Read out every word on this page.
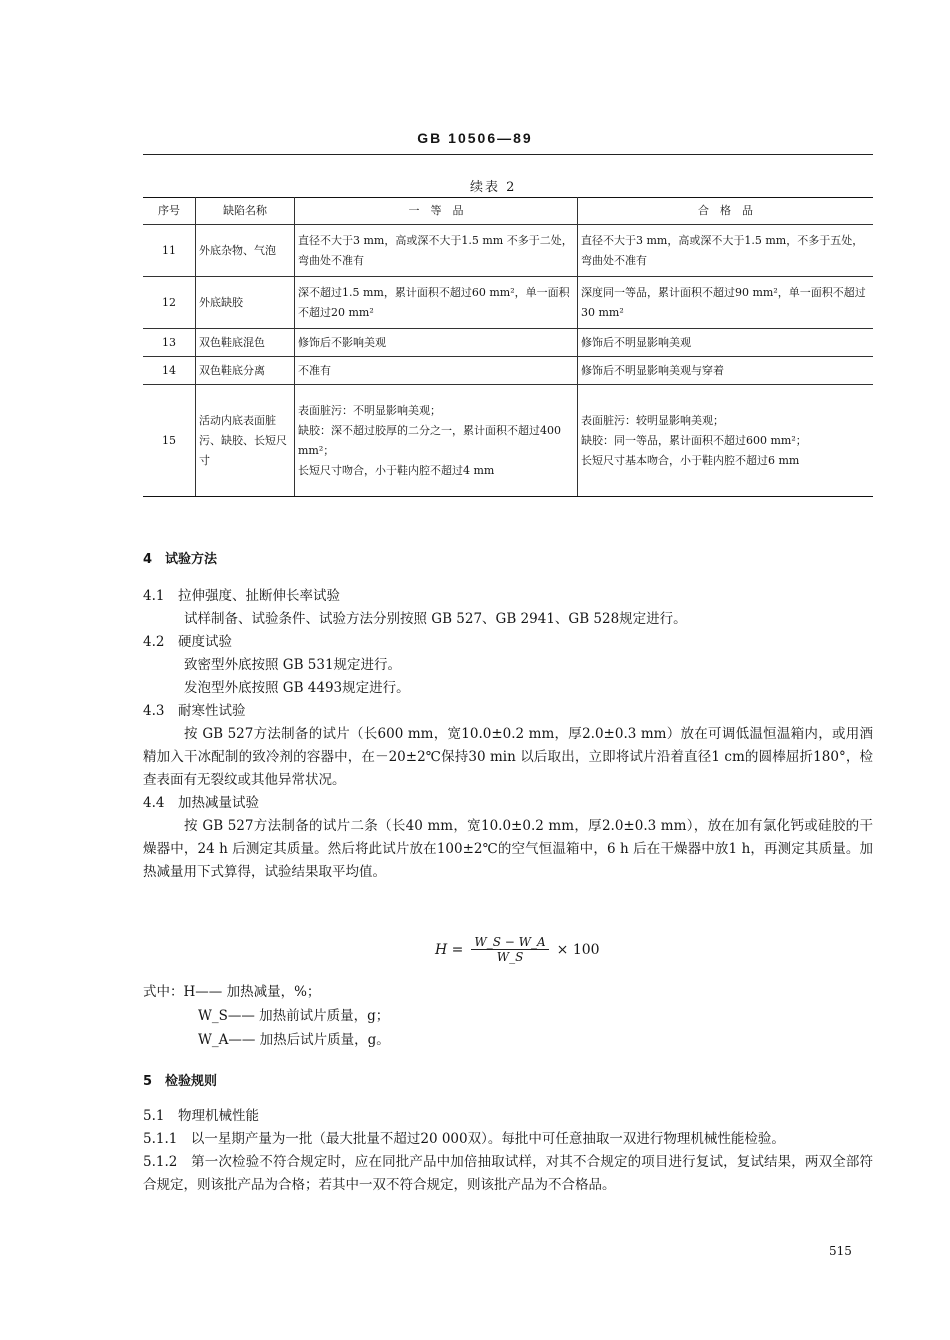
GB 10506—89
续表 2
序号	缺陷名称	一　等　品	合　格　品
11	外底杂物、气泡	直径不大于3 mm，高或深不大于1.5 mm 不多于二处，弯曲处不准有	直径不大于3 mm，高或深不大于1.5 mm，不多于五处，弯曲处不准有
12	外底缺胶	深不超过1.5 mm，累计面积不超过60 mm²，单一面积不超过20 mm²	深度同一等品，累计面积不超过90 mm²，单一面积不超过30 mm²
13	双色鞋底混色	修饰后不影响美观	修饰后不明显影响美观
14	双色鞋底分离	不准有	修饰后不明显影响美观与穿着
15	活动内底表面脏污、缺胶、长短尺寸	表面脏污：不明显影响美观；
缺胶：深不超过胶厚的二分之一，累计面积不超过400 mm²；
长短尺寸吻合，小于鞋内腔不超过4 mm	表面脏污：较明显影响美观；
缺胶：同一等品，累计面积不超过600 mm²；
长短尺寸基本吻合，小于鞋内腔不超过6 mm

4　试验方法

4.1　拉伸强度、扯断伸长率试验

试样制备、试验条件、试验方法分别按照 GB 527、GB 2941、GB 528规定进行。

4.2　硬度试验

致密型外底按照 GB 531规定进行。

发泡型外底按照 GB 4493规定进行。

4.3　耐寒性试验

按 GB 527方法制备的试片（长600 mm，宽10.0±0.2 mm，厚2.0±0.3 mm）放在可调低温恒温箱内，或用酒精加入干冰配制的致冷剂的容器中，在－20±2℃保持30 min 以后取出，立即将试片沿着直径1 cm的圆棒屈折180°，检查表面有无裂纹或其他异常状况。

4.4　加热减量试验

按 GB 527方法制备的试片二条（长40 mm，宽10.0±0.2 mm，厚2.0±0.3 mm），放在加有氯化钙或硅胶的干燥器中，24 h 后测定其质量。然后将此试片放在100±2℃的空气恒温箱中，6 h 后在干燥器中放1 h，再测定其质量。加热减量用下式算得，试验结果取平均值。

$H = \frac{W\_S - W\_A}{W\_S} \times 100$

式中：H—— 加热减量，%；

W_S—— 加热前试片质量，g；

W_A—— 加热后试片质量，g。

5　检验规则

5.1　物理机械性能

5.1.1　以一星期产量为一批（最大批量不超过20 000双）。每批中可任意抽取一双进行物理机械性能检验。

5.1.2　第一次检验不符合规定时，应在同批产品中加倍抽取试样，对其不合规定的项目进行复试，复试结果，两双全部符合规定，则该批产品为合格；若其中一双不符合规定，则该批产品为不合格品。

515
